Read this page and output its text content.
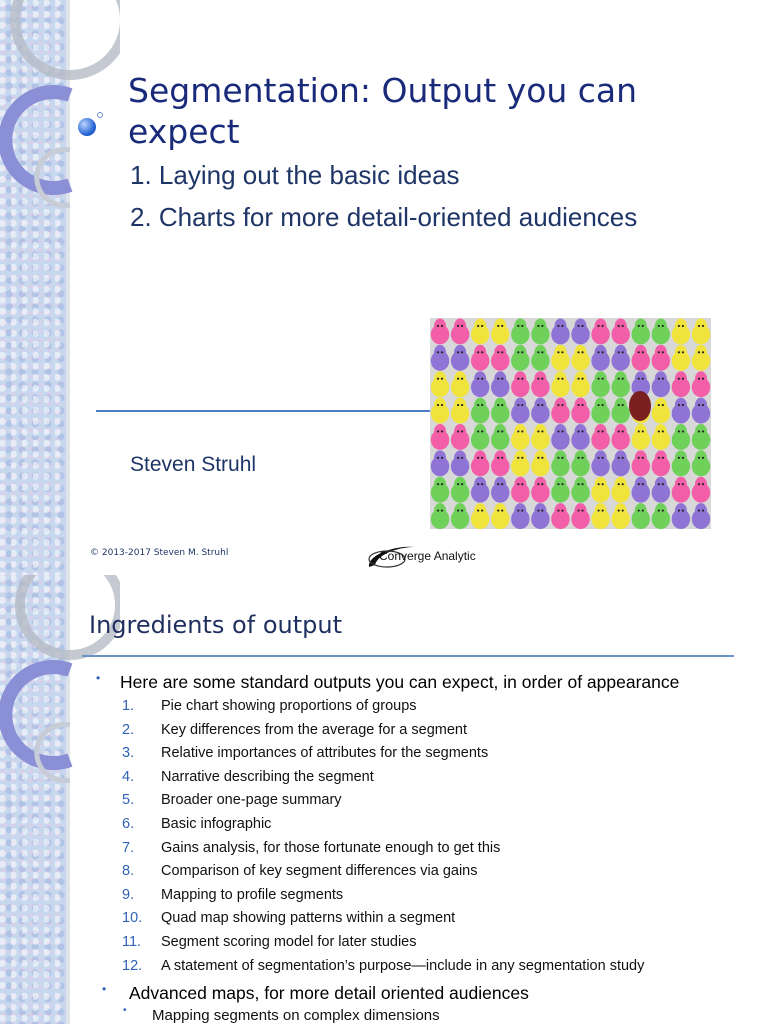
Segmentation: Output you can expect

1. Laying out the basic ideas

2. Charts for more detail-oriented audiences

Steven Struhl

© 2013-2017 Steven M. Struhl	Converge Analytic
Ingredients of output
• Here are some standard outputs you can expect, in order of appearance
1. Pie chart showing proportions of groups
2. Key differences from the average for a segment
3. Relative importances of attributes for the segments
4. Narrative describing the segment
5. Broader one-page summary
6. Basic infographic
7. Gains analysis, for those fortunate enough to get this
8. Comparison of key segment differences via gains
9. Mapping to profile segments
10. Quad map showing patterns within a segment
11. Segment scoring model for later studies
12. A statement of segmentation’s purpose—include in any segmentation study
• Advanced maps, for more detail oriented audiences
• Mapping segments on complex dimensions
